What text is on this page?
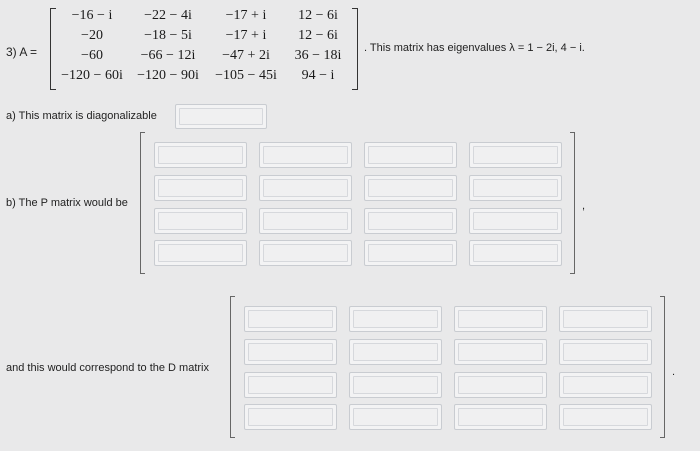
3) A =
−16 − i	−22 − 4i	−17 + i	12 − 6i
−20	−18 − 5i	−17 + i	12 − 6i
−60	−66 − 12i	−47 + 2i	36 − 18i
−120 − 60i	−120 − 90i	−105 − 45i	94 − i
. This matrix has eigenvalues λ = 1 − 2i, 4 − i.
a) This matrix is diagonalizable
b) The P matrix would be	,
and this would correspond to the D matrix	.
